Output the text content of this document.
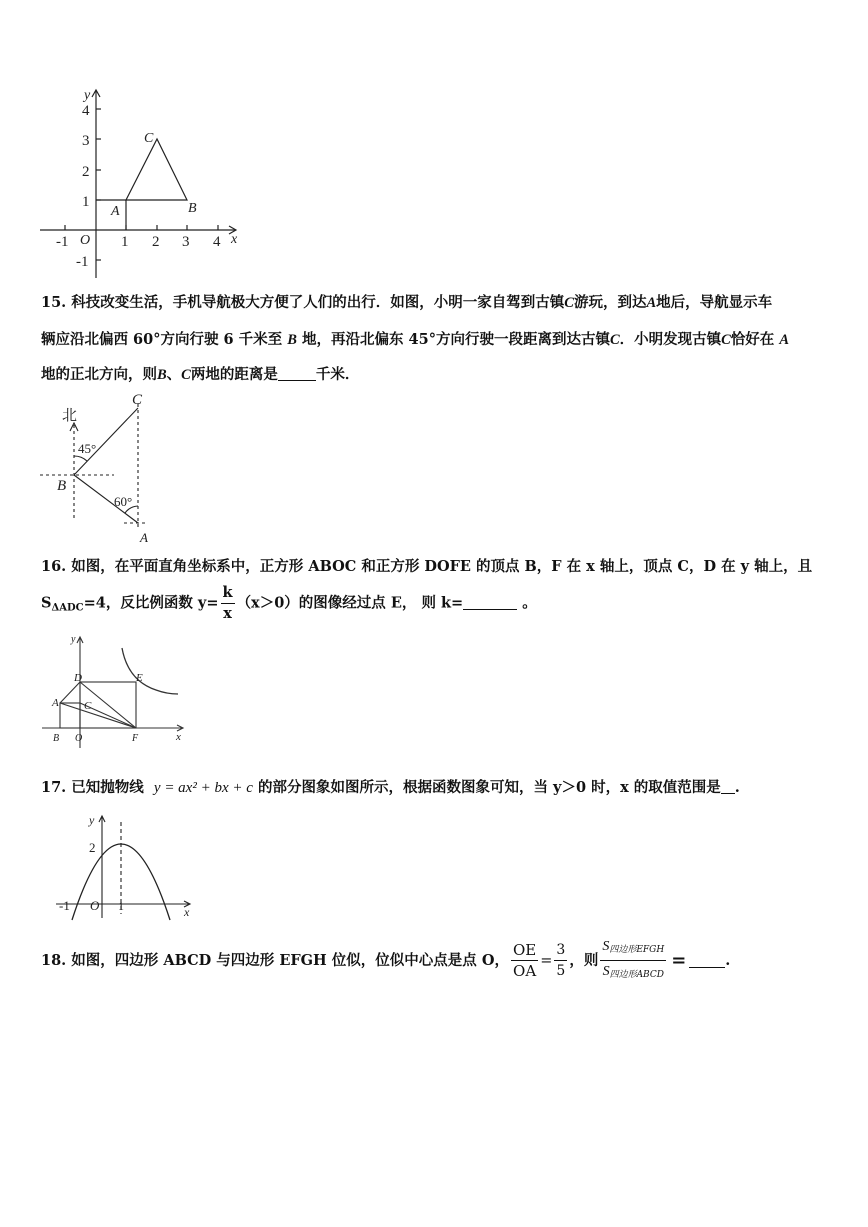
x
y
O
-1	1 2 3 4
4
3
2
1
-1
A	B
C
15. 科技改变生活，手机导航极大方便了人们的出行．如图，小明一家自驾到古镇C游玩，到达A地后，导航显示车
辆应沿北偏西 60°方向行驶 6 千米至 B 地，再沿北偏东 45°方向行驶一段距离到达古镇C．小明发现古镇C恰好在 A
地的正北方向，则B、C两地的距离是	千米．
北
45°
60°
B
C
A
16. 如图，在平面直角坐标系中，正方形 ABOC 和正方形 DOFE 的顶点 B，F 在 x 轴上，顶点 C，D 在 y 轴上，且
$S_{\Delta ADC}=4$，反比例函数 $y= \frac{k}{x} (x>0)$的图像经过点 E， 则 k=	。
y
x
D	E
A C
B O	F
17. 已知抛物线 y = ax² + bx + c 的部分图象如图所示，根据函数图象可知，当 y＞0 时，x 的取值范围是 .
y
x
2
-1 O 1
18.
如图，四边形 ABCD 与四边形 EFGH 位似，位似中心点是点 O， $\frac{OE}{OA} = \frac{3}{5}$ ，则 $\frac{S_{四边形EFGH}}{S_{四边形ABCD}}$ =	.
